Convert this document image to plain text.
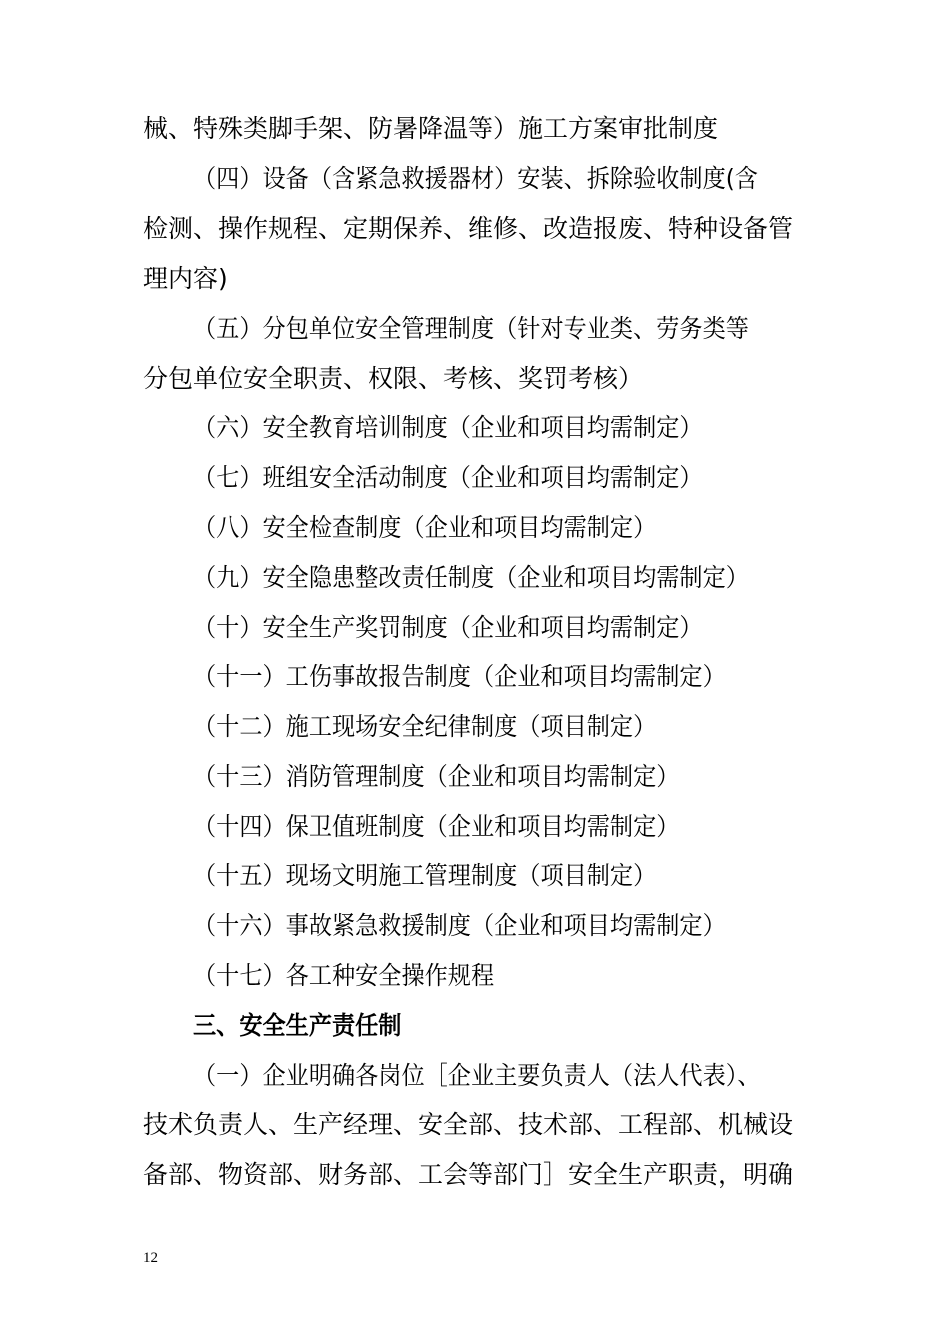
械、特殊类脚手架、防暑降温等）施工方案审批制度
（四）设备（含紧急救援器材）安装、拆除验收制度(含
检测、操作规程、定期保养、维修、改造报废、特种设备管
理内容)
（五）分包单位安全管理制度（针对专业类、劳务类等
分包单位安全职责、权限、考核、奖罚考核）
（六）安全教育培训制度（企业和项目均需制定）
（七）班组安全活动制度（企业和项目均需制定）
（八）安全检查制度（企业和项目均需制定）
（九）安全隐患整改责任制度（企业和项目均需制定）
（十）安全生产奖罚制度（企业和项目均需制定）
（十一）工伤事故报告制度（企业和项目均需制定）
（十二）施工现场安全纪律制度（项目制定）
（十三）消防管理制度（企业和项目均需制定）
（十四）保卫值班制度（企业和项目均需制定）
（十五）现场文明施工管理制度（项目制定）
（十六）事故紧急救援制度（企业和项目均需制定）
（十七）各工种安全操作规程
三、安全生产责任制
（一）企业明确各岗位［企业主要负责人（法人代表）、
技术负责人、生产经理、安全部、技术部、工程部、机械设
备部、物资部、财务部、工会等部门］安全生产职责，明确
12
